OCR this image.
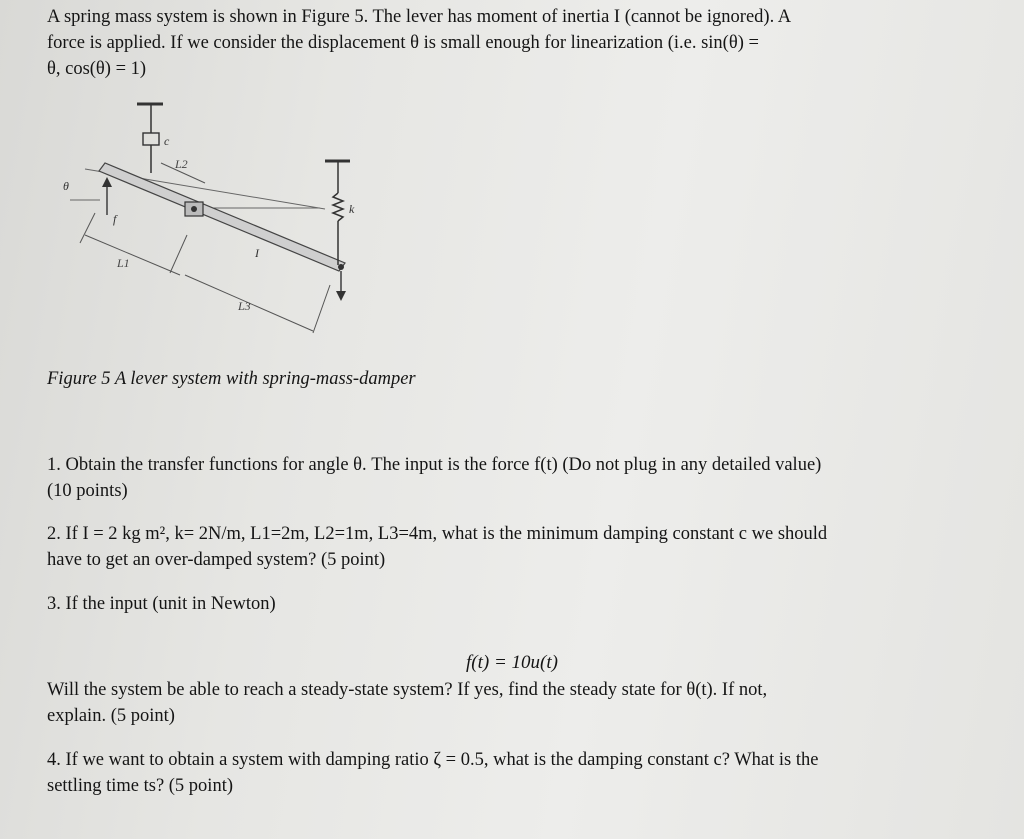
A spring mass system is shown in Figure 5. The lever has moment of inertia I (cannot be ignored). A

force is applied. If we consider the displacement θ is small enough for linearization (i.e. sin(θ) =

θ, cos(θ) = 1)

c
L2
θ
f
k
I
L1
L3

Figure 5 A lever system with spring-mass-damper

1. Obtain the transfer functions for angle θ. The input is the force f(t) (Do not plug in any detailed value)

(10 points)

2. If I = 2 kg m², k= 2N/m, L1=2m, L2=1m, L3=4m, what is the minimum damping constant c we should

have to get an over-damped system? (5 point)

3. If the input (unit in Newton)

f(t) = 10u(t)

Will the system be able to reach a steady-state system? If yes, find the steady state for θ(t). If not,

explain. (5 point)

4. If we want to obtain a system with damping ratio ζ = 0.5, what is the damping constant c? What is the

settling time ts? (5 point)
